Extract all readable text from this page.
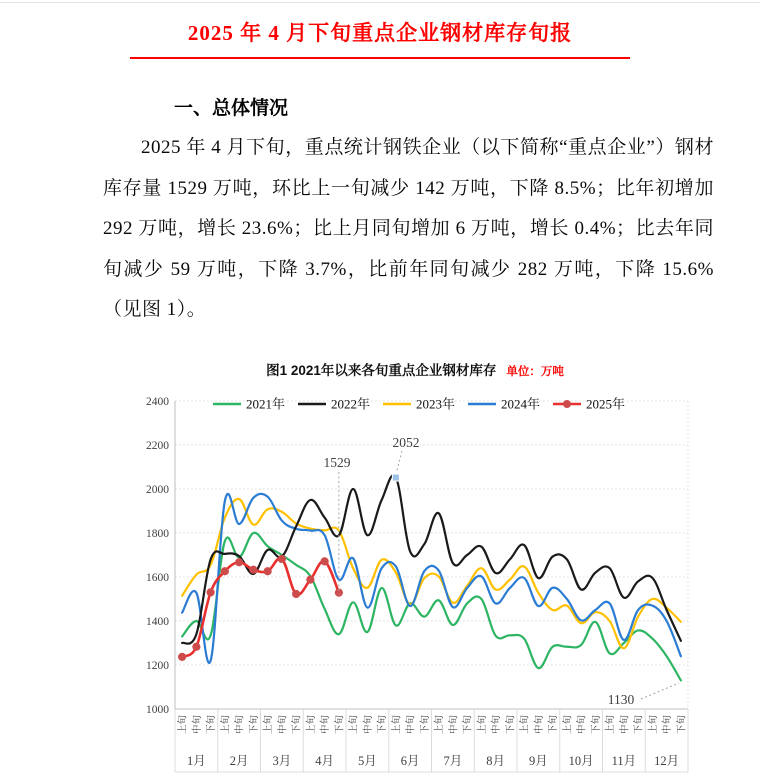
2025 年 4 月下旬重点企业钢材库存旬报
一、总体情况

2025 年 4 月下旬，重点统计钢铁企业（以下简称“重点企业”）钢材库存量 1529 万吨，环比上一旬减少 142 万吨，下降 8.5%；比年初增加 292 万吨，增长 23.6%；比上月同旬增加 6 万吨，增长 0.4%；比去年同旬减少 59 万吨，下降 3.7%，比前年同旬减少 282 万吨，下降 15.6%（见图 1）。

图1 2021年以来各旬重点企业钢材库存 单位：万吨
1000
1200
1400
1600
1800
2000
2200
2400
上旬 中旬 下旬 上旬 中旬 下旬 上旬 中旬 下旬 上旬 中旬 下旬 上旬 中旬 下旬 上旬 中旬 下旬 上旬 中旬 下旬 上旬 中旬 下旬 上旬 中旬 下旬 上旬 中旬 下旬 上旬 中旬 下旬 上旬 中旬 下旬
1月 2月 3月 4月 5月 6月 7月 8月 9月 10月 11月 12月
2052
1529
1130
2021年	2022年	2023年	2024年	2025年
